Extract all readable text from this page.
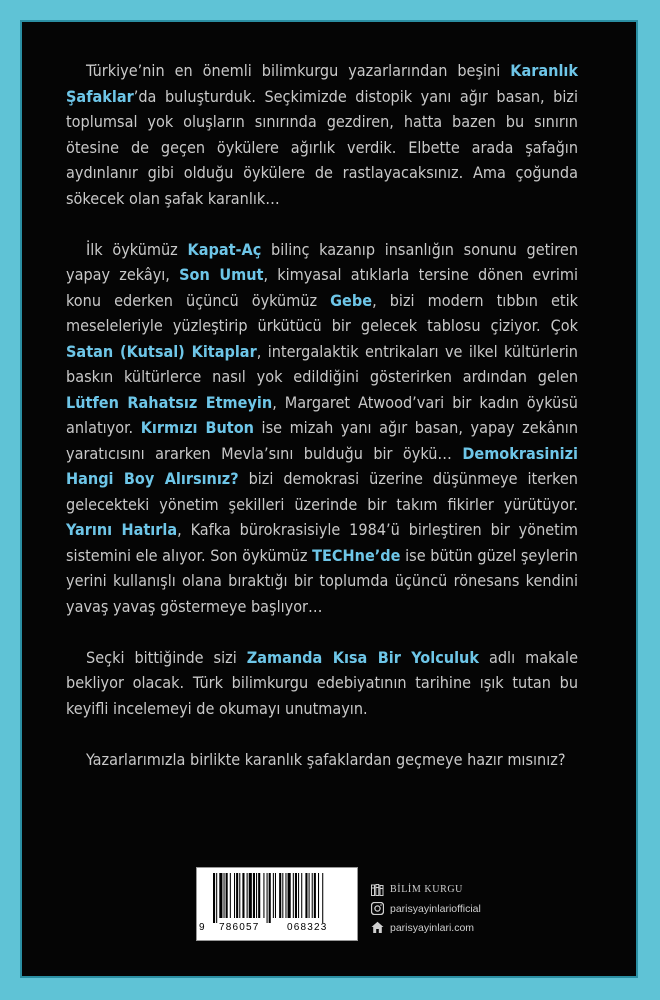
Türkiye’nin en önemli bilimkurgu yazarlarından beşini Karanlık Şafaklar’da buluşturduk. Seçkimizde distopik yanı ağır basan, bizi toplumsal yok oluşların sınırında gezdiren, hatta bazen bu sınırın ötesine de geçen öykülere ağırlık verdik. Elbette arada şafağın aydınlanır gibi olduğu öykülere de rastlayacaksınız. Ama çoğunda sökecek olan şafak karanlık…

İlk öykümüz Kapat-Aç bilinç kazanıp insanlığın sonunu getiren yapay zekâyı, Son Umut, kimyasal atıklarla tersine dönen evrimi konu ederken üçüncü öykümüz Gebe, bizi modern tıbbın etik meseleleriyle yüzleştirip ürkütücü bir gelecek tablosu çiziyor. Çok Satan (Kutsal) Kitaplar, intergalaktik entrikaları ve ilkel kültürlerin baskın kültürlerce nasıl yok edildiğini gösterirken ardından gelen Lütfen Rahatsız Etmeyin, Margaret Atwood’vari bir kadın öyküsü anlatıyor. Kırmızı Buton ise mizah yanı ağır basan, yapay zekânın yaratıcısını ararken Mevla’sını bulduğu bir öykü… Demokrasinizi Hangi Boy Alırsınız? bizi demokrasi üzerine düşünmeye iterken gelecekteki yönetim şekilleri üzerinde bir takım fikirler yürütüyor. Yarını Hatırla, Kafka bürokrasisiyle 1984’ü birleştiren bir yönetim sistemini ele alıyor. Son öykümüz TECHne’de ise bütün güzel şeylerin yerini kullanışlı olana bıraktığı bir toplumda üçüncü rönesans kendini yavaş yavaş göstermeye başlıyor…

Seçki bittiğinde sizi Zamanda Kısa Bir Yolculuk adlı makale bekliyor olacak. Türk bilimkurgu edebiyatının tarihine ışık tutan bu keyifli incelemeyi de okumayı unutmayın.

Yazarlarımızla birlikte karanlık şafaklardan geçmeye hazır mısınız?

9 786057	068323
BİLİM KURGU
parisyayinlariofficial
parisyayinlari.com
